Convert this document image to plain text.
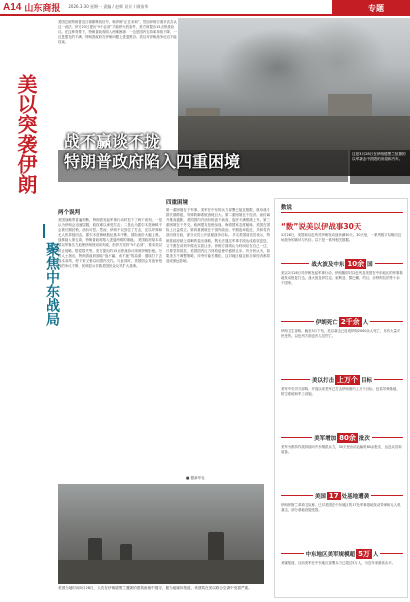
A14 山东商报 2026.3.30 星期一 责编 / 赵辉 设计 / 顾家华	专题
美国总统特朗普近日频繁释放信号，称伊朗“正在求和”，然而伊朗方面多次否认这一说法。伊方25日提出“5个必须”才能停火的条件，美方则提出15点停战协议。在这种背景下，特朗普政府陷入两难困境：一边是国内支持率持续下降，一边是盟友的不满，特朗普政府在伊朗问题上进退维谷。美以对伊朗战争迟迟不能结束。
战不赢谈不拢
特朗普政府陷入四重困境	这是3月28日在伊朗德黑兰拍摄的以军袭击中损毁的房屋和汽车。
美以突袭伊朗
聚焦中东战局
两个误判
美国战略界普遍判断，特朗普发起军事行动时犯下了两个误判。一是认为伊朗会迅速屈服，政权难以承受打击；二是认为霍尔木兹海峡不会被长期封锁，油价可控。然而，伊朗不仅顶住了打击，还以导弹和无人机持续回击，霍尔木兹海峡航运基本中断，国际油价大幅上涨。战事拖入第五周，特朗普政府陷入进退两难的境地。 美国政府原本希望以军事压力迫使伊朗回到谈判桌，但伊方坚持“5个必须”，要求美以停止侵略、赔偿损失等。美方提出的15点停战协议则被伊朗拒绝。分析人士指出，特朗普政府面临“战不赢、谈不拢”的局面：继续打下去成本高昂，停下来又难以向国内交代。与此同时，美国国会对战争授权的争议不断，民调显示多数美国民众反对扩大战事。
四重困境
第一重困境在于军事。美军在中东的兵力部署已接近极限，航母战斗群长期滞留，导弹防御系统消耗巨大。第二重困境在于经济。油价飙升推高通胀，美国国内汽油价格创下新高，选民不满情绪上升。第三重困境在于外交。欧洲盟友拒绝参战，海湾国家态度暧昧，美国在国际上日益孤立。第四重困境在于国内政治。中期选举临近，共和党内部出现分歧，部分议员公开质疑战争目标。 多名美国前官员表示，特朗普政府缺乏清晰的退出战略，既无法通过军事手段达成政权更迭，又不愿在谈判中做出实质让步。伊朗方面则认为时间站在自己一边，只要坚持抵抗，美国国内压力终将迫使华盛顿让步。有分析认为，如果美方不调整策略，冲突可能长期化，这对地区稳定和全球经济都将造成深远影响。
■ 据新华社
美国当地时间3月28日，人们在伊朗德黑兰遭袭的建筑废墟中搜寻，据当地媒体报道，该建筑在美以联合空袭中受损严重。
数说
“数”说美以伊战事30天
3月28日，美国和以色列对伊朗发动战争满30天。30天里，一系列数字勾勒出这场战争的破坏与代价。以下是一系列相关数据。
战火波及中东 10余 国
美以2月28日对伊朗发起军事行动，伊朗随即对以色列及美国在中东地区的军事基地发动报复打击。战火波及伊拉克、叙利亚、黎巴嫩、约旦、沙特阿拉伯等十余个国家。
伊朗死亡 2千余 人
伊朗卫生部称，截至3月下旬，美以袭击已造成伊朗2000余人死亡，另有大量平民受伤。以色列方面也有人员伤亡。
美以打击 上万个 目标
美军中央司令部称，开战以来美军已打击伊朗境内上万个目标，包括导弹基地、防空系统和军工设施。
美军增加 80余 批次
美军为维持作战持续向中东增派兵力，30天里出动运输机80余批次，运送兵员和装备。
美国 17 处基地遭袭
伊朗伊斯兰革命卫队称，已对美国在中东地区的17处军事基地发动导弹和无人机袭击，部分基地设施受损。
中东地区美军规模超 5万 人
美媒报道，目前美军在中东地区部署兵力已超过5万人，为近年来最高水平。
